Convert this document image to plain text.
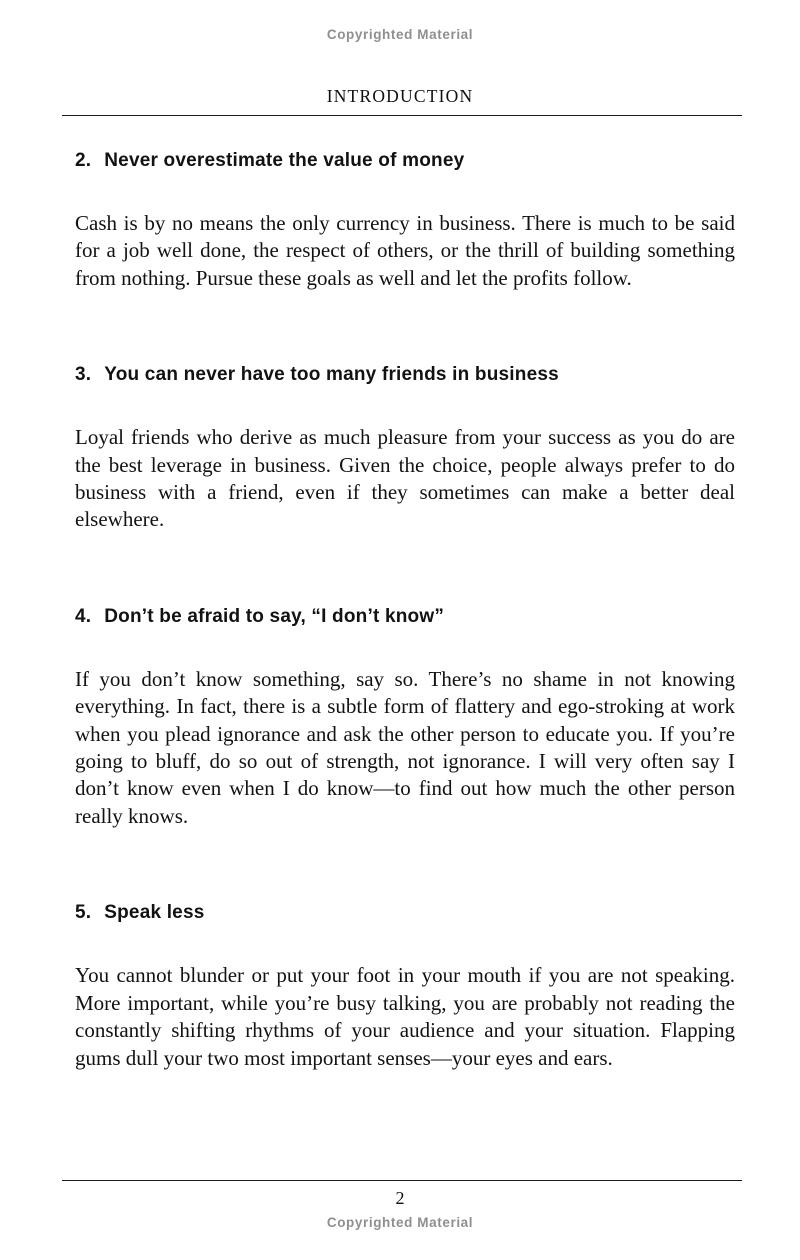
Copyrighted Material
INTRODUCTION
2. Never overestimate the value of money

Cash is by no means the only currency in business. There is much to be said for a job well done, the respect of others, or the thrill of building something from nothing. Pursue these goals as well and let the profits follow.

3. You can never have too many friends in business

Loyal friends who derive as much pleasure from your success as you do are the best leverage in business. Given the choice, people always prefer to do business with a friend, even if they sometimes can make a better deal elsewhere.

4. Don’t be afraid to say, “I don’t know”

If you don’t know something, say so. There’s no shame in not knowing everything. In fact, there is a subtle form of flattery and ego-stroking at work when you plead ignorance and ask the other person to educate you. If you’re going to bluff, do so out of strength, not ignorance. I will very often say I don’t know even when I do know—to find out how much the other person really knows.

5. Speak less

You cannot blunder or put your foot in your mouth if you are not speaking. More important, while you’re busy talking, you are probably not reading the constantly shifting rhythms of your audience and your situation. Flapping gums dull your two most important senses—your eyes and ears.

2
Copyrighted Material
